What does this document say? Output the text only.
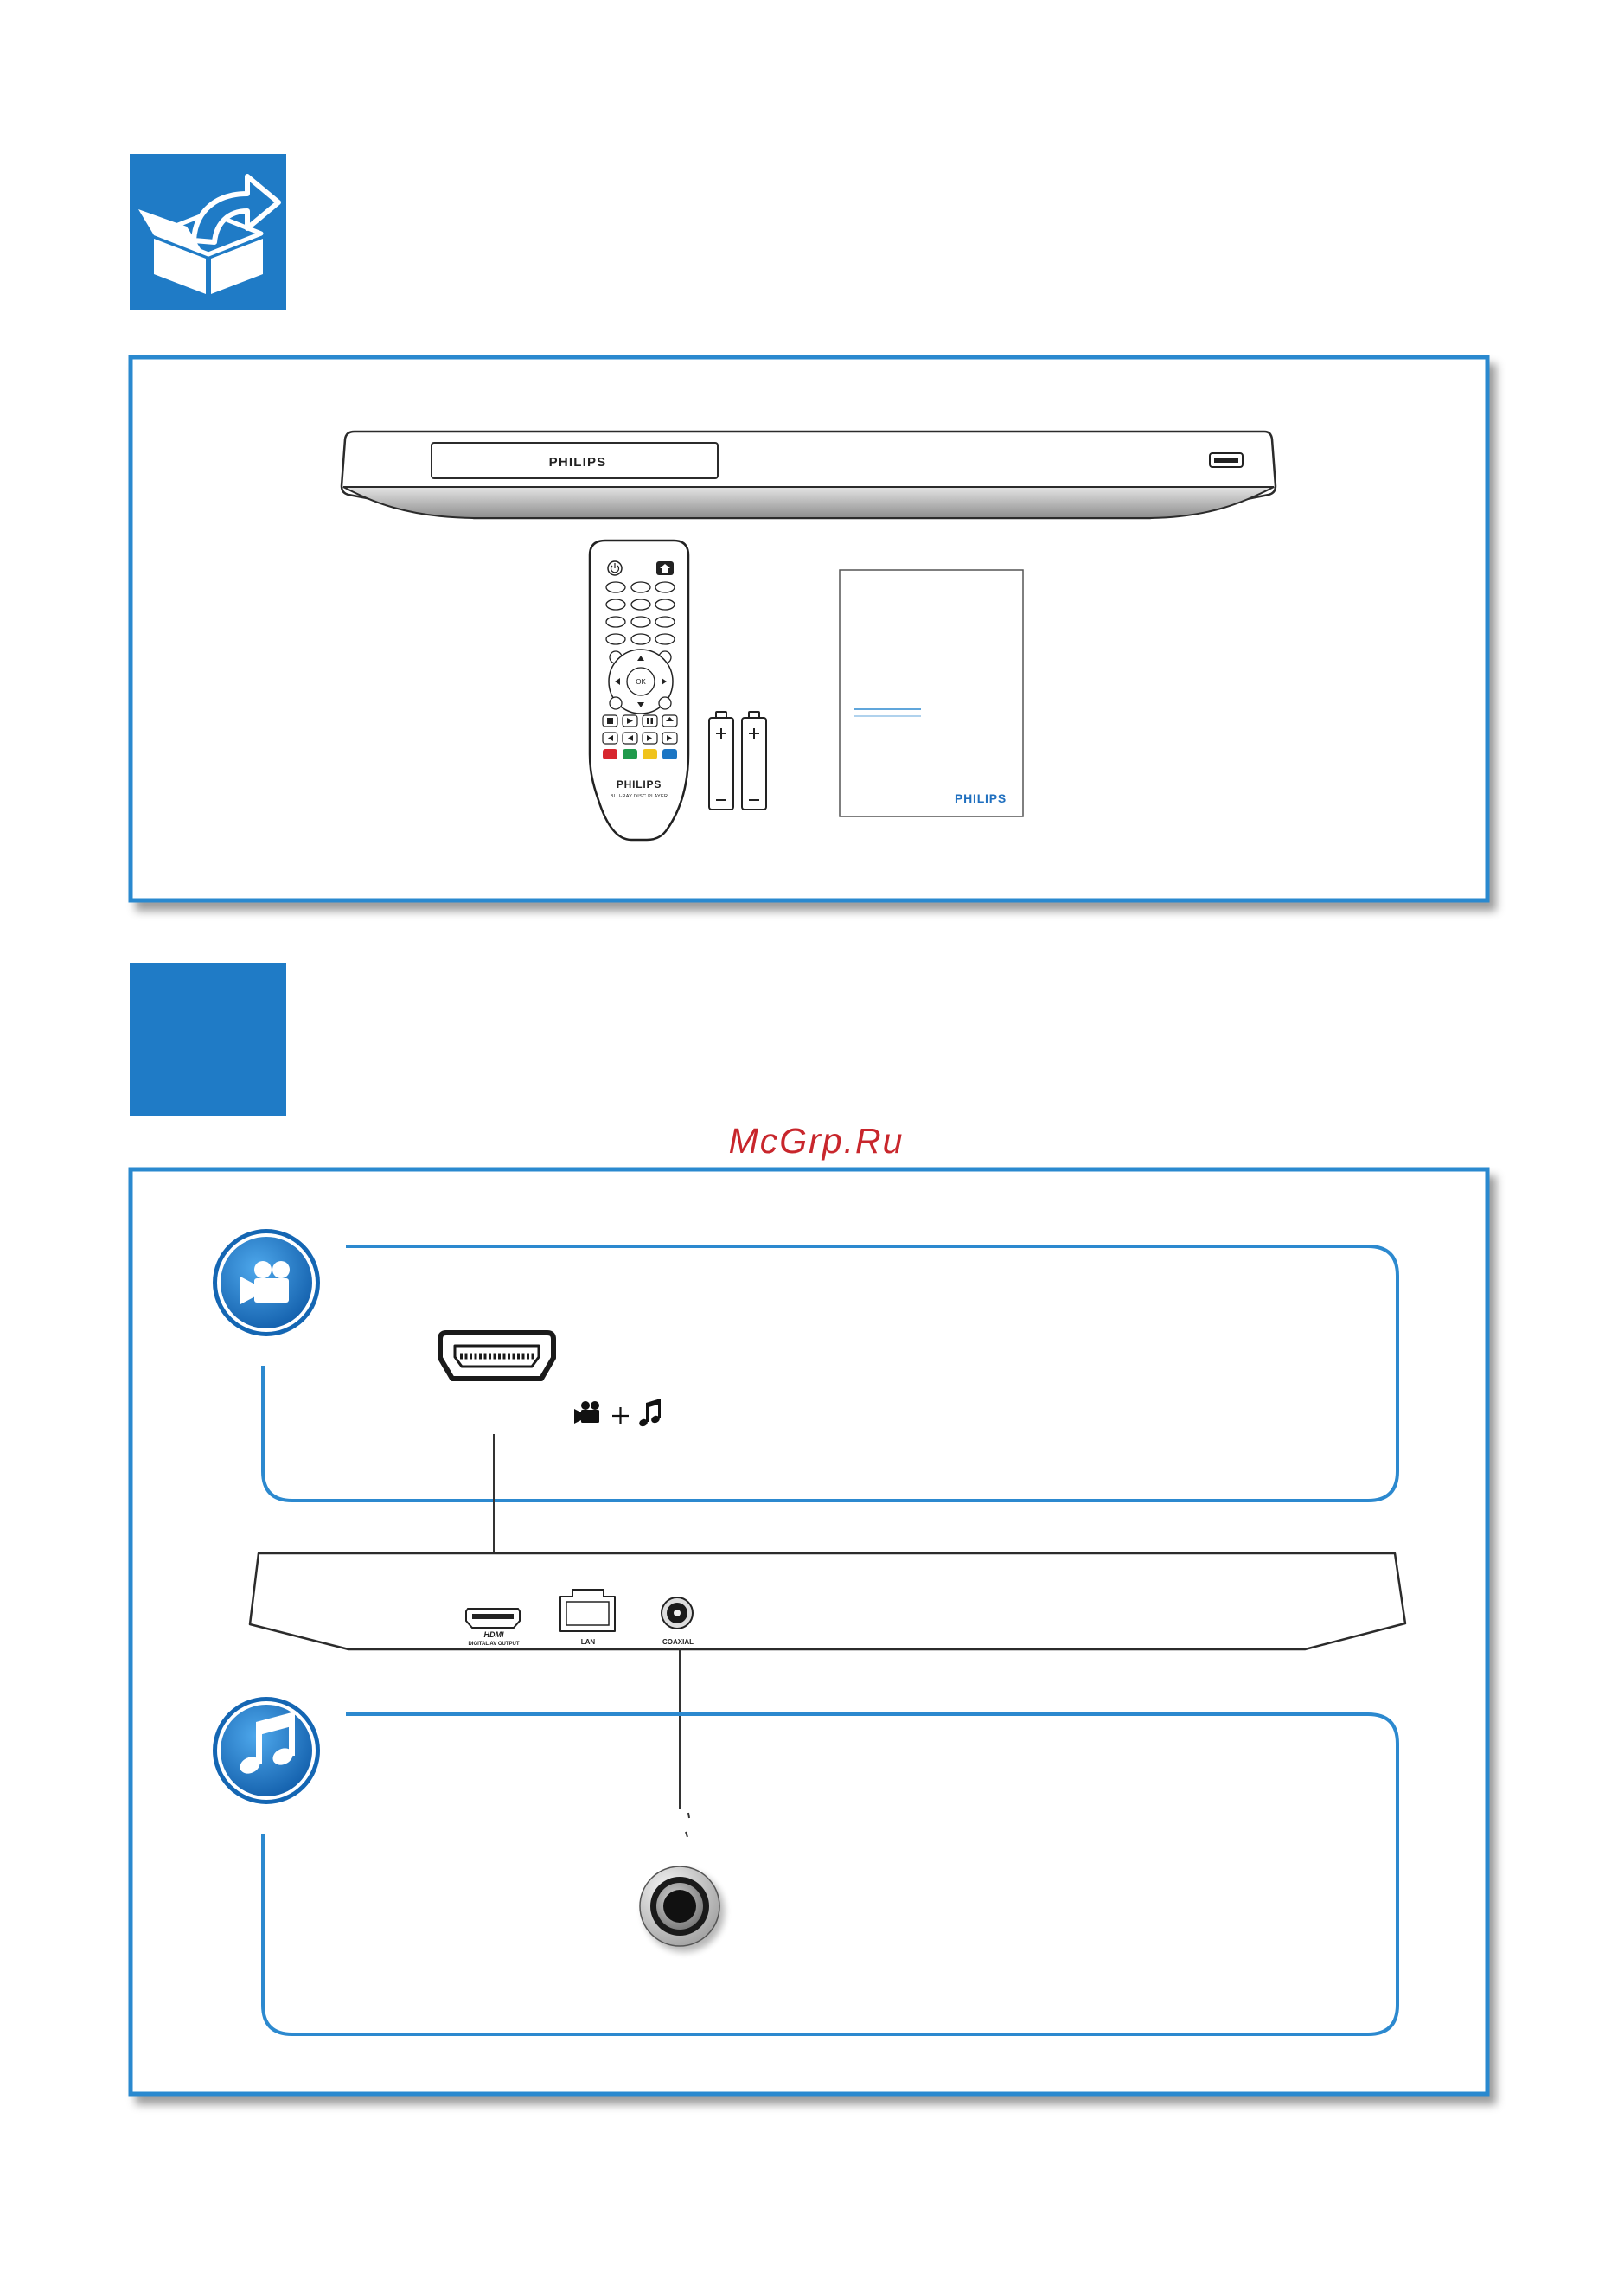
PHILIPS
OK
PHILIPS
BLU-RAY DISC PLAYER	PHILIPS
McGrp.Ru
HDMI
DIGITAL AV OUTPUT	LAN	COAXIAL
